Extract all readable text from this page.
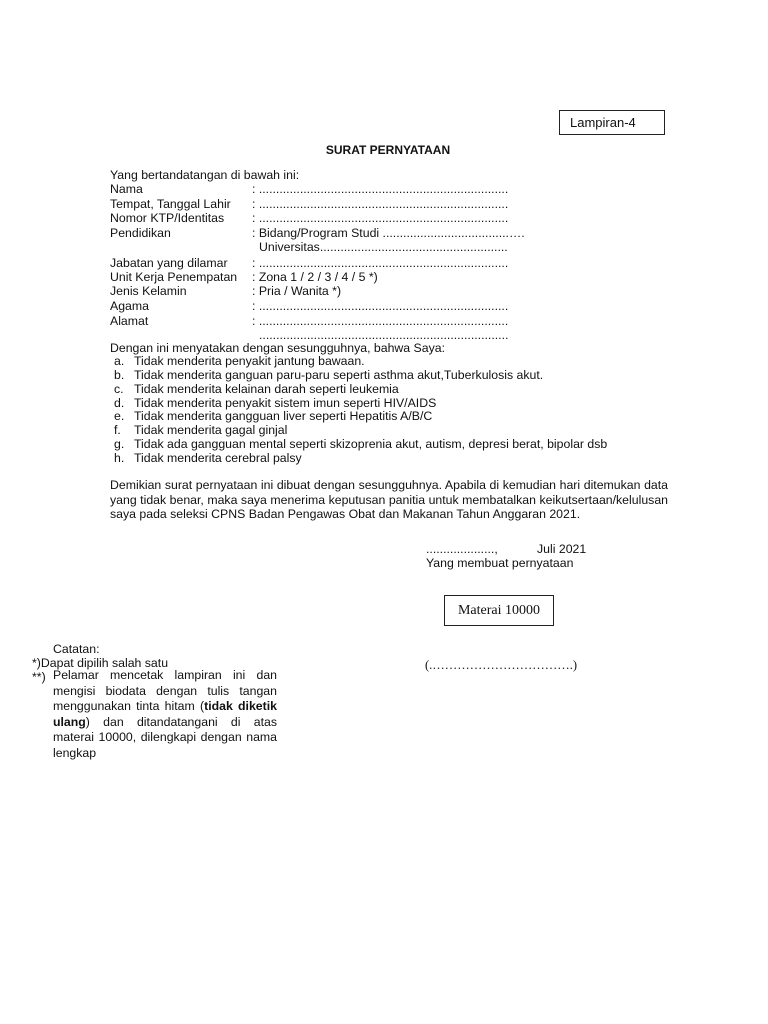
Lampiran-4
SURAT PERNYATAAN
Yang bertandatangan di bawah ini:
Nama	: .........................................................................
Tempat, Tanggal Lahir : .........................................................................
Nomor KTP/Identitas : .........................................................................
Pendidikan	: Bidang/Program Studi .....................................….
Universitas.......................................................
Jabatan yang dilamar : .........................................................................
Unit Kerja Penempatan : Zona 1 / 2 / 3 / 4 / 5 *)
Jenis Kelamin	: Pria / Wanita *)
Agama	: .........................................................................
Alamat	: .........................................................................
.........................................................................
Dengan ini menyatakan dengan sesungguhnya, bahwa Saya:
a. Tidak menderita penyakit jantung bawaan.
b. Tidak menderita ganguan paru-paru seperti asthma akut,Tuberkulosis akut.
c. Tidak menderita kelainan darah seperti leukemia
d. Tidak menderita penyakit sistem imun seperti HIV/AIDS
e. Tidak menderita gangguan liver seperti Hepatitis A/B/C
f.	Tidak menderita gagal ginjal
g. Tidak ada gangguan mental seperti skizoprenia akut, autism, depresi berat, bipolar dsb
h. Tidak menderita cerebral palsy
Demikian surat pernyataan ini dibuat dengan sesungguhnya. Apabila di kemudian hari ditemukan data yang tidak benar, maka saya menerima keputusan panitia untuk membatalkan keikutsertaan/kelulusan saya pada seleksi CPNS Badan Pengawas Obat dan Makanan Tahun Anggaran 2021.
....................,	Juli 2021
Yang membuat pernyataan
Materai 10000
(.…………………………….)
Catatan:
*)Dapat dipilih salah satu
**) Pelamar mencetak lampiran ini dan mengisi biodata dengan tulis tangan menggunakan tinta hitam (tidak diketik ulang) dan ditandatangani di atas materai 10000, dilengkapi dengan nama lengkap
